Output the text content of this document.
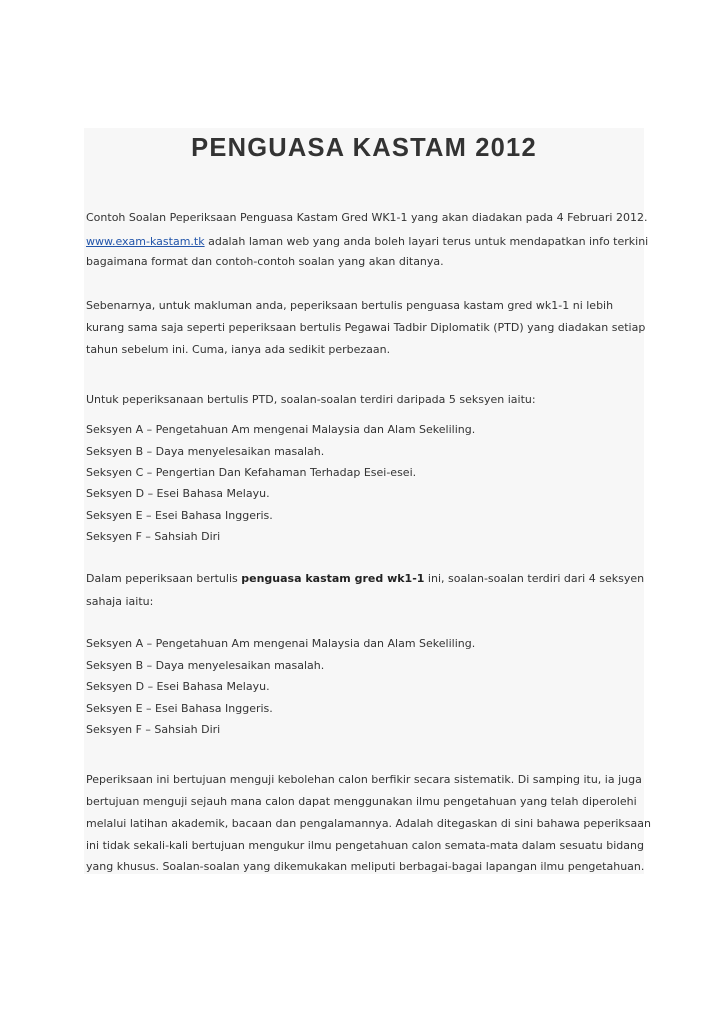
PENGUASA KASTAM 2012
Contoh Soalan Peperiksaan Penguasa Kastam Gred WK1-1 yang akan diadakan pada 4 Februari 2012.
www.exam-kastam.tk adalah laman web yang anda boleh layari terus untuk mendapatkan info terkini
bagaimana format dan contoh-contoh soalan yang akan ditanya.
Sebenarnya, untuk makluman anda, peperiksaan bertulis penguasa kastam gred wk1-1 ni lebih
kurang sama saja seperti peperiksaan bertulis Pegawai Tadbir Diplomatik (PTD) yang diadakan setiap
tahun sebelum ini. Cuma, ianya ada sedikit perbezaan.
Untuk peperiksanaan bertulis PTD, soalan-soalan terdiri daripada 5 seksyen iaitu:
Seksyen A – Pengetahuan Am mengenai Malaysia dan Alam Sekeliling.
Seksyen B – Daya menyelesaikan masalah.
Seksyen C – Pengertian Dan Kefahaman Terhadap Esei-esei.
Seksyen D – Esei Bahasa Melayu.
Seksyen E – Esei Bahasa Inggeris.
Seksyen F – Sahsiah Diri
Dalam peperiksaan bertulis penguasa kastam gred wk1-1 ini, soalan-soalan terdiri dari 4 seksyen
sahaja iaitu:
Seksyen A – Pengetahuan Am mengenai Malaysia dan Alam Sekeliling.
Seksyen B – Daya menyelesaikan masalah.
Seksyen D – Esei Bahasa Melayu.
Seksyen E – Esei Bahasa Inggeris.
Seksyen F – Sahsiah Diri
Peperiksaan ini bertujuan menguji kebolehan calon berfikir secara sistematik. Di samping itu, ia juga
bertujuan menguji sejauh mana calon dapat menggunakan ilmu pengetahuan yang telah diperolehi
melalui latihan akademik, bacaan dan pengalamannya. Adalah ditegaskan di sini bahawa peperiksaan
ini tidak sekali-kali bertujuan mengukur ilmu pengetahuan calon semata-mata dalam sesuatu bidang
yang khusus. Soalan-soalan yang dikemukakan meliputi berbagai-bagai lapangan ilmu pengetahuan.
